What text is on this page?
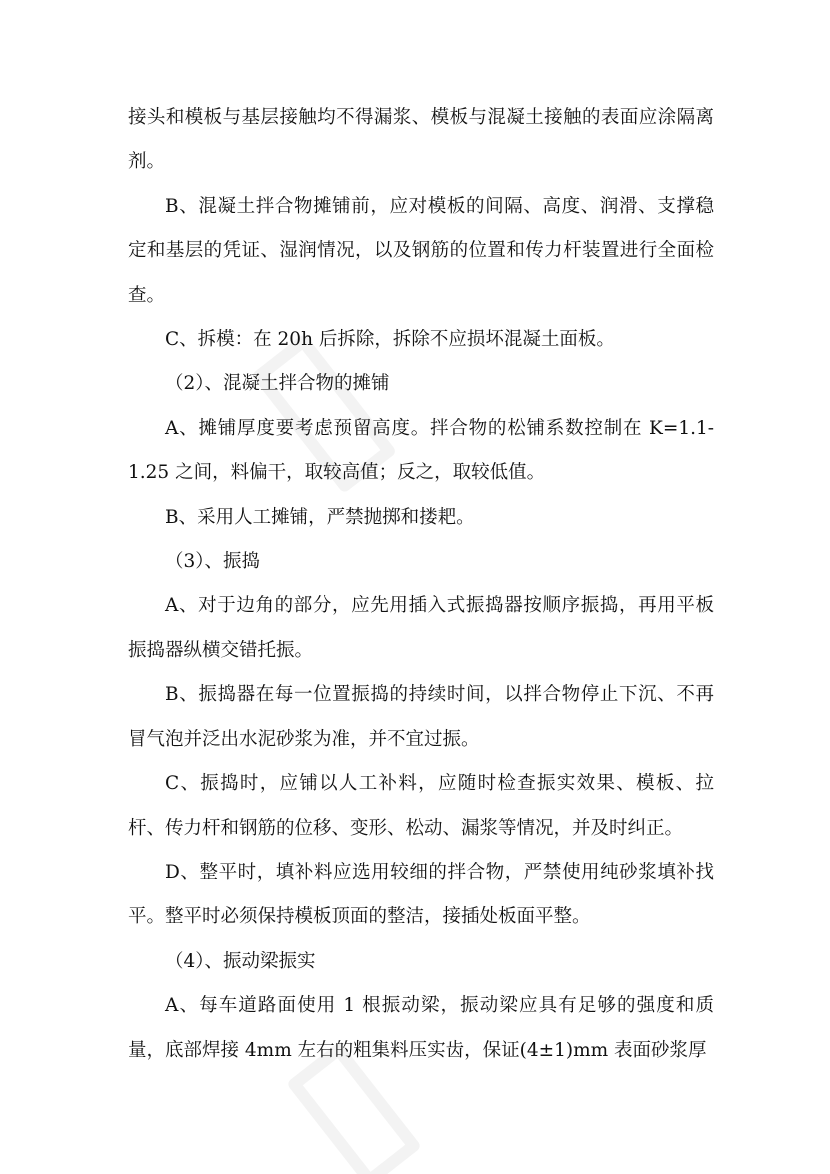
接头和模板与基层接触均不得漏浆、模板与混凝土接触的表面应涂隔离剂。

B、混凝土拌合物摊铺前，应对模板的间隔、高度、润滑、支撑稳定和基层的凭证、湿润情况，以及钢筋的位置和传力杆装置进行全面检查。

C、拆模：在 20h 后拆除，拆除不应损坏混凝土面板。

（2）、混凝土拌合物的摊铺

A、摊铺厚度要考虑预留高度。拌合物的松铺系数控制在 K=1.1-1.25 之间，料偏干，取较高值；反之，取较低值。

B、采用人工摊铺，严禁抛掷和搂耙。

（3）、振捣

A、对于边角的部分，应先用插入式振捣器按顺序振捣，再用平板振捣器纵横交错托振。

B、振捣器在每一位置振捣的持续时间，以拌合物停止下沉、不再冒气泡并泛出水泥砂浆为准，并不宜过振。

C、振捣时，应铺以人工补料，应随时检查振实效果、模板、拉杆、传力杆和钢筋的位移、变形、松动、漏浆等情况，并及时纠正。

D、整平时，填补料应选用较细的拌合物，严禁使用纯砂浆填补找平。整平时必须保持模板顶面的整洁，接插处板面平整。

（4）、振动梁振实

A、每车道路面使用 1 根振动梁，振动梁应具有足够的强度和质量，底部焊接 4mm 左右的粗集料压实齿，保证(4±1)mm 表面砂浆厚
